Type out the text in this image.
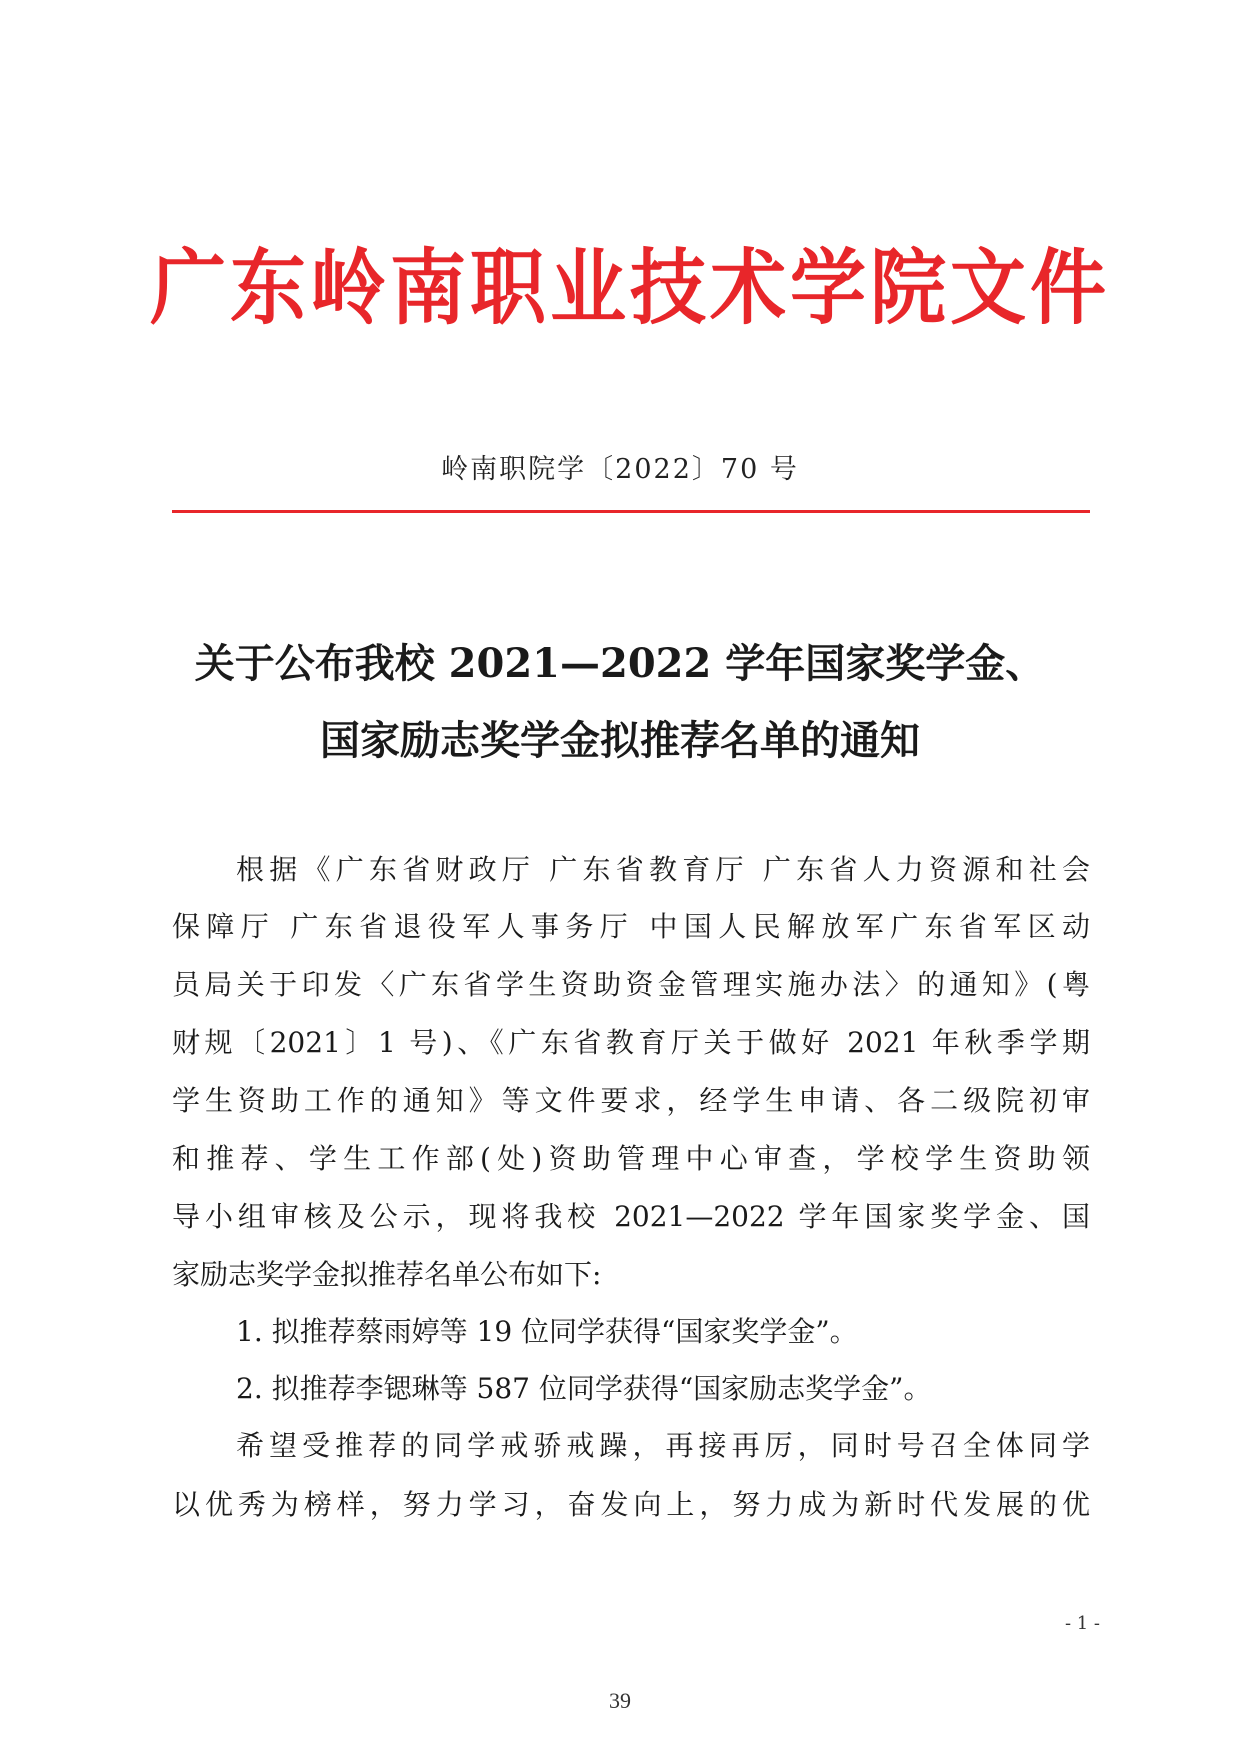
广东岭南职业技术学院文件
岭南职院学〔2022〕70 号
关于公布我校 2021—2022 学年国家奖学金、
国家励志奖学金拟推荐名单的通知
根据《广东省财政厅 广东省教育厅 广东省人力资源和社会
保障厅 广东省退役军人事务厅 中国人民解放军广东省军区动
员局关于印发〈广东省学生资助资金管理实施办法〉的通知》(粤
财规〔2021〕1 号)、《广东省教育厅关于做好 2021 年秋季学期
学生资助工作的通知》等文件要求，经学生申请、各二级院初审
和推荐、学生工作部(处)资助管理中心审查，学校学生资助领
导小组审核及公示，现将我校 2021—2022 学年国家奖学金、国
家励志奖学金拟推荐名单公布如下:
1. 拟推荐蔡雨婷等 19 位同学获得“国家奖学金”。
2. 拟推荐李锶琳等 587 位同学获得“国家励志奖学金”。
希望受推荐的同学戒骄戒躁，再接再厉，同时号召全体同学
以优秀为榜样，努力学习，奋发向上，努力成为新时代发展的优
- 1 -
39
